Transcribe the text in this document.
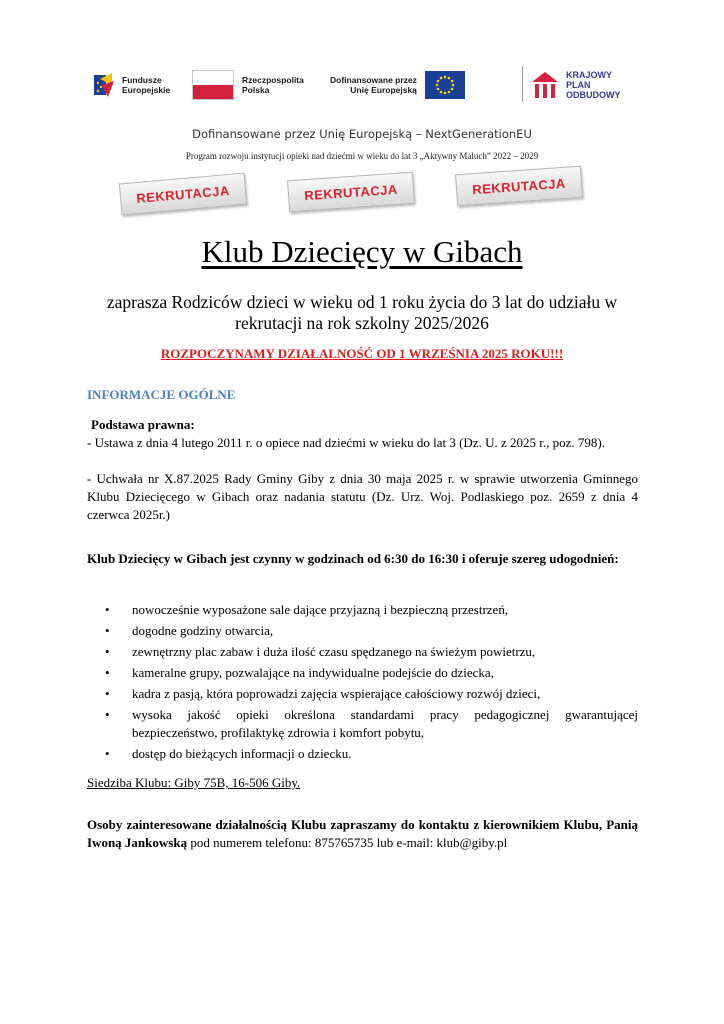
Fundusze
Europejskie
Rzeczpospolita
Polska
Dofinansowane przez
Unię Europejską
KRAJOWY
PLAN
ODBUDOWY
Dofinansowane przez Unię Europejską – NextGenerationEU
Program rozwoju instytucji opieki nad dziećmi w wieku do lat 3 „Aktywny Maluch” 2022 – 2029
REKRUTACJA	REKRUTACJA	REKRUTACJA
Klub Dziecięcy w Gibach
zaprasza Rodziców dzieci w wieku od 1 roku życia do 3 lat do udziału w rekrutacji na rok szkolny 2025/2026
ROZPOCZYNAMY DZIAŁALNOŚĆ OD 1 WRZEŚNIA 2025 ROKU!!!
INFORMACJE OGÓLNE
Podstawa prawna:
- Ustawa z dnia 4 lutego 2011 r. o opiece nad dziećmi w wieku do lat 3 (Dz. U. z 2025 r., poz. 798).
- Uchwała nr X.87.2025 Rady Gminy Giby z dnia 30 maja 2025 r. w sprawie utworzenia Gminnego Klubu Dziecięcego w Gibach oraz nadania statutu (Dz. Urz. Woj. Podlaskiego poz. 2659 z dnia 4 czerwca 2025r.)
Klub Dziecięcy w Gibach jest czynny w godzinach od 6:30 do 16:30 i oferuje szereg udogodnień:
• nowocześnie wyposażone sale dające przyjazną i bezpieczną przestrzeń,
• dogodne godziny otwarcia,
• zewnętrzny plac zabaw i duża ilość czasu spędzanego na świeżym powietrzu,
• kameralne grupy, pozwalające na indywidualne podejście do dziecka,
• kadra z pasją, która poprowadzi zajęcia wspierające całościowy rozwój dzieci,
• wysoka jakość opieki określona standardami pracy pedagogicznej gwarantującej bezpieczeństwo, profilaktykę zdrowia i komfort pobytu,
• dostęp do bieżących informacji o dziecku.
Siedziba Klubu: Giby 75B, 16-506 Giby.
Osoby zainteresowane działalnością Klubu zapraszamy do kontaktu z kierownikiem Klubu, Panią Iwoną Jankowską pod numerem telefonu: 875765735 lub e-mail: klub@giby.pl
